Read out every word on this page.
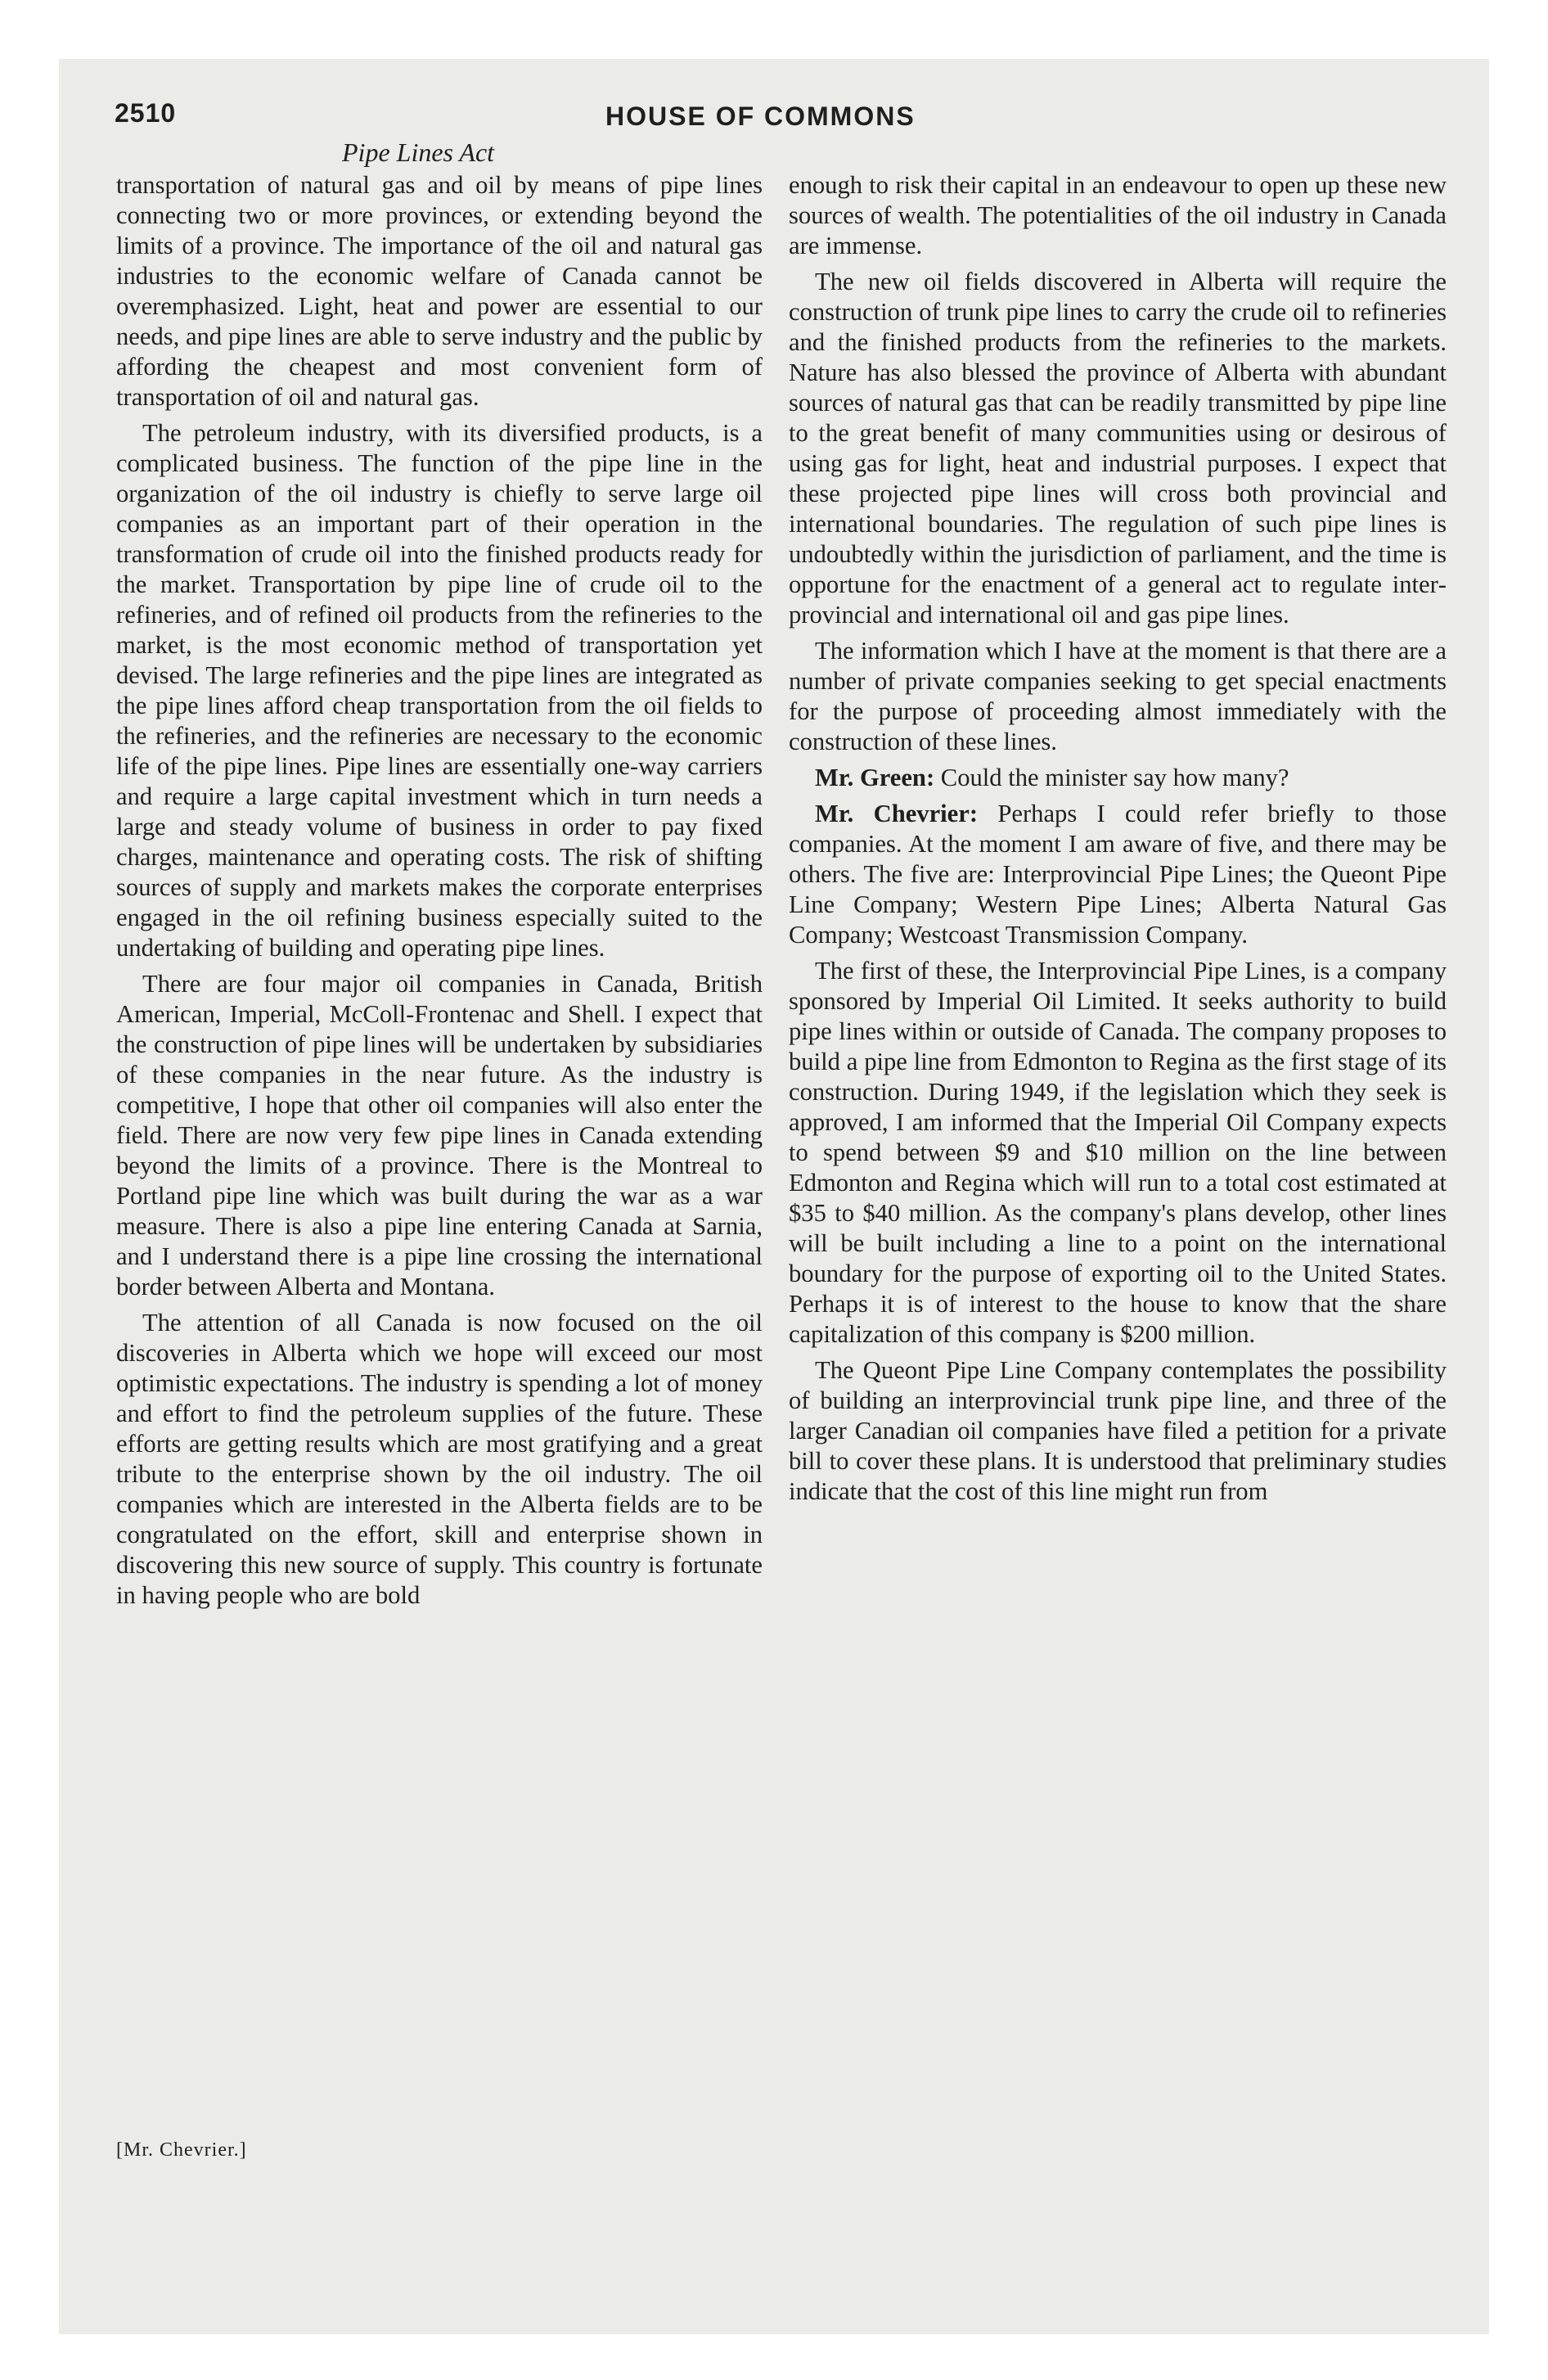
2510	HOUSE OF COMMONS
Pipe Lines Act

transportation of natural gas and oil by means of pipe lines connecting two or more provinces, or extending beyond the limits of a province. The importance of the oil and natural gas industries to the economic welfare of Canada cannot be overemphasized. Light, heat and power are essential to our needs, and pipe lines are able to serve industry and the public by affording the cheapest and most convenient form of transportation of oil and natural gas.

The petroleum industry, with its diversified products, is a complicated business. The function of the pipe line in the organization of the oil industry is chiefly to serve large oil companies as an important part of their operation in the transformation of crude oil into the finished products ready for the market. Transportation by pipe line of crude oil to the refineries, and of refined oil products from the refineries to the market, is the most economic method of transportation yet devised. The large refineries and the pipe lines are integrated as the pipe lines afford cheap transportation from the oil fields to the refineries, and the refineries are necessary to the economic life of the pipe lines. Pipe lines are essentially one-way carriers and require a large capital investment which in turn needs a large and steady volume of business in order to pay fixed charges, maintenance and operating costs. The risk of shifting sources of supply and markets makes the corporate enterprises engaged in the oil refining business especially suited to the undertaking of building and operating pipe lines.

There are four major oil companies in Canada, British American, Imperial, McColl-Frontenac and Shell. I expect that the construction of pipe lines will be undertaken by subsidiaries of these companies in the near future. As the industry is competitive, I hope that other oil companies will also enter the field. There are now very few pipe lines in Canada extending beyond the limits of a province. There is the Montreal to Portland pipe line which was built during the war as a war measure. There is also a pipe line entering Canada at Sarnia, and I understand there is a pipe line crossing the international border between Alberta and Montana.

The attention of all Canada is now focused on the oil discoveries in Alberta which we hope will exceed our most optimistic expectations. The industry is spending a lot of money and effort to find the petroleum supplies of the future. These efforts are getting results which are most gratifying and a great tribute to the enterprise shown by the oil industry. The oil companies which are interested in the Alberta fields are to be congratulated on the effort, skill and enterprise shown in discovering this new source of supply. This country is fortunate in having people who are bold

enough to risk their capital in an endeavour to open up these new sources of wealth. The potentialities of the oil industry in Canada are immense.

The new oil fields discovered in Alberta will require the construction of trunk pipe lines to carry the crude oil to refineries and the finished products from the refineries to the markets. Nature has also blessed the province of Alberta with abundant sources of natural gas that can be readily transmitted by pipe line to the great benefit of many communities using or desirous of using gas for light, heat and industrial purposes. I expect that these projected pipe lines will cross both provincial and international boundaries. The regulation of such pipe lines is undoubtedly within the jurisdiction of parliament, and the time is opportune for the enactment of a general act to regulate interprovincial and international oil and gas pipe lines.

The information which I have at the moment is that there are a number of private companies seeking to get special enactments for the purpose of proceeding almost immediately with the construction of these lines.

Mr. Green: Could the minister say how many?

Mr. Chevrier: Perhaps I could refer briefly to those companies. At the moment I am aware of five, and there may be others. The five are: Interprovincial Pipe Lines; the Queont Pipe Line Company; Western Pipe Lines; Alberta Natural Gas Company; Westcoast Transmission Company.

The first of these, the Interprovincial Pipe Lines, is a company sponsored by Imperial Oil Limited. It seeks authority to build pipe lines within or outside of Canada. The company proposes to build a pipe line from Edmonton to Regina as the first stage of its construction. During 1949, if the legislation which they seek is approved, I am informed that the Imperial Oil Company expects to spend between $9 and $10 million on the line between Edmonton and Regina which will run to a total cost estimated at $35 to $40 million. As the company's plans develop, other lines will be built including a line to a point on the international boundary for the purpose of exporting oil to the United States. Perhaps it is of interest to the house to know that the share capitalization of this company is $200 million.

The Queont Pipe Line Company contemplates the possibility of building an interprovincial trunk pipe line, and three of the larger Canadian oil companies have filed a petition for a private bill to cover these plans. It is understood that preliminary studies indicate that the cost of this line might run from

[Mr. Chevrier.]
